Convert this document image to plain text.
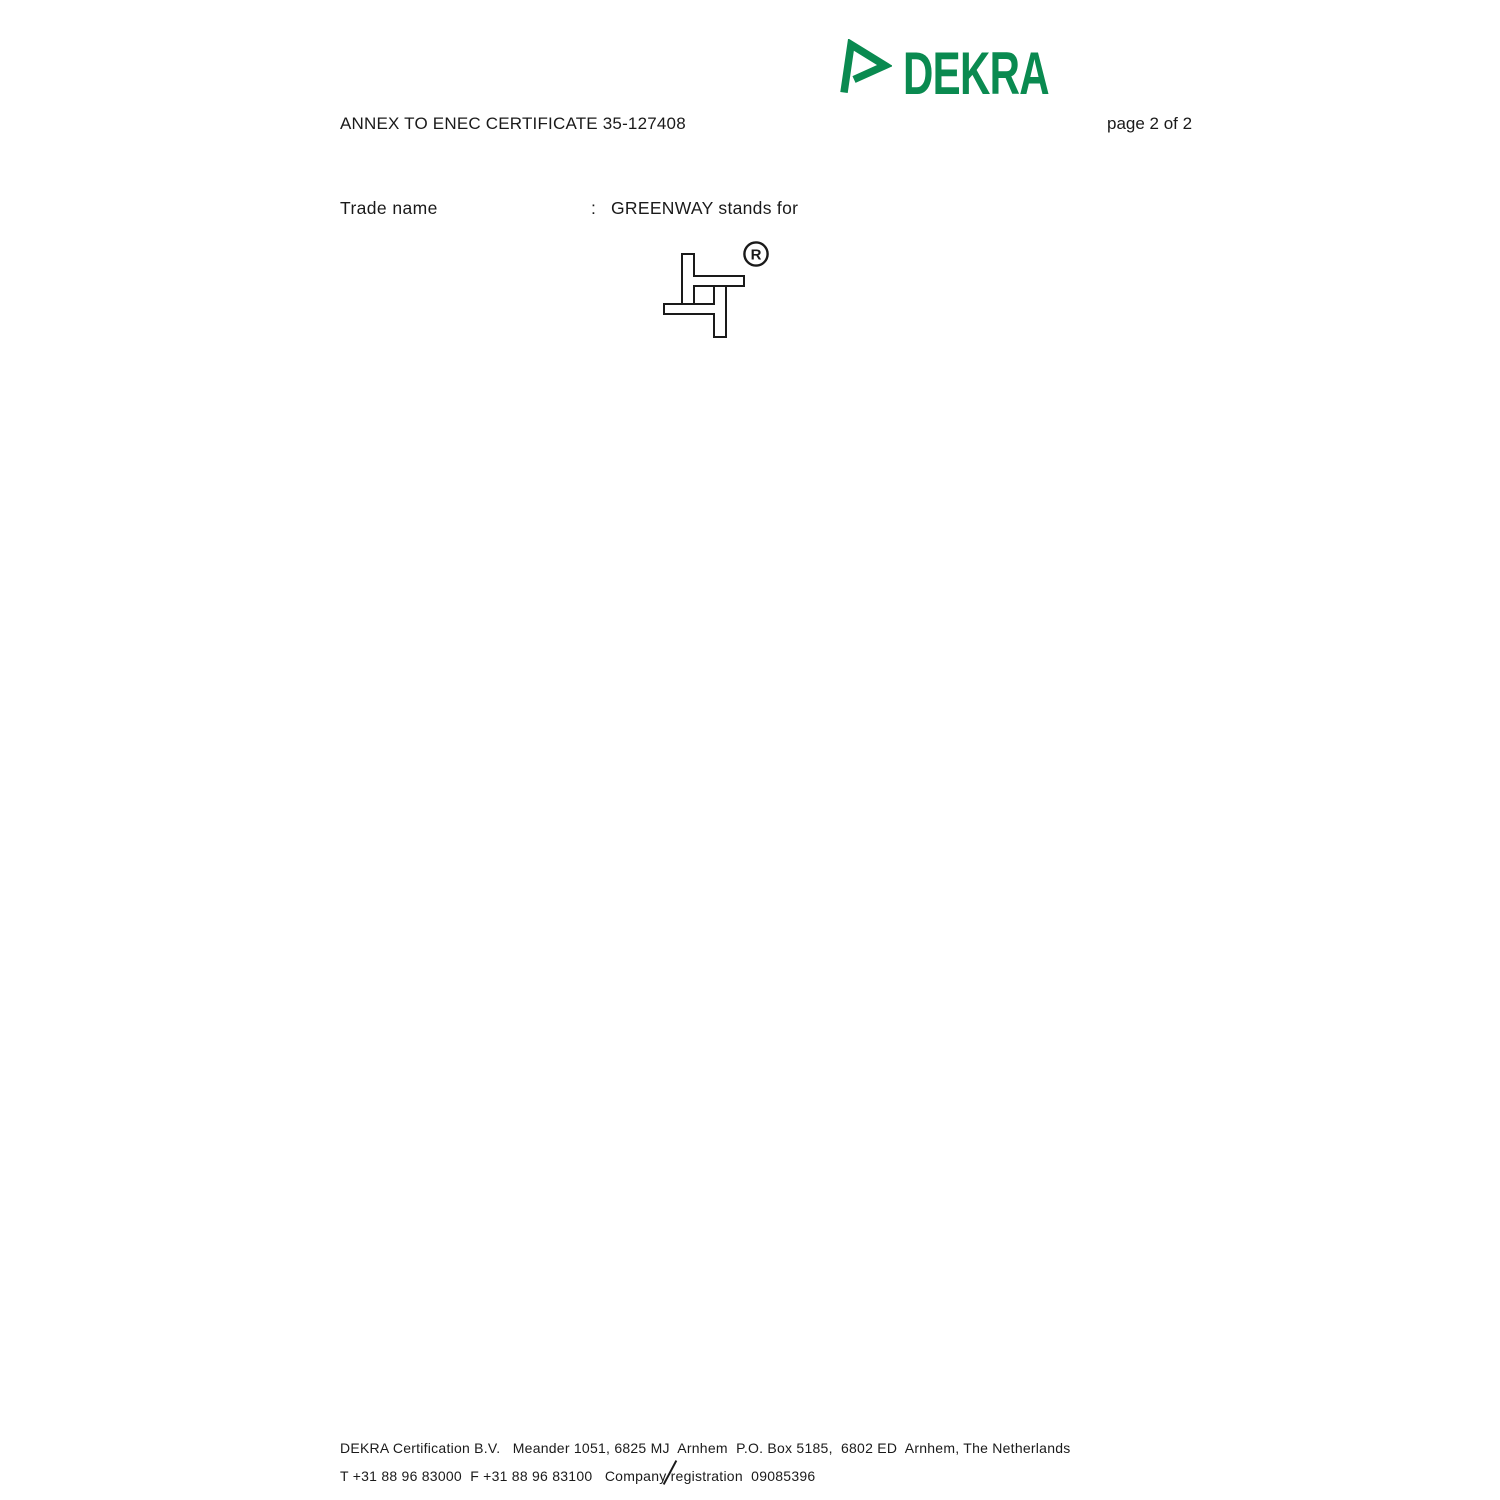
DEKRA
ANNEX TO ENEC CERTIFICATE 35-127408	page 2 of 2
Trade name	: GREENWAY stands for
R
DEKRA Certification B.V.   Meander 1051, 6825 MJ  Arnhem  P.O. Box 5185,  6802 ED  Arnhem, The Netherlands
T +31 88 96 83000  F +31 88 96 83100   Company registration  09085396
